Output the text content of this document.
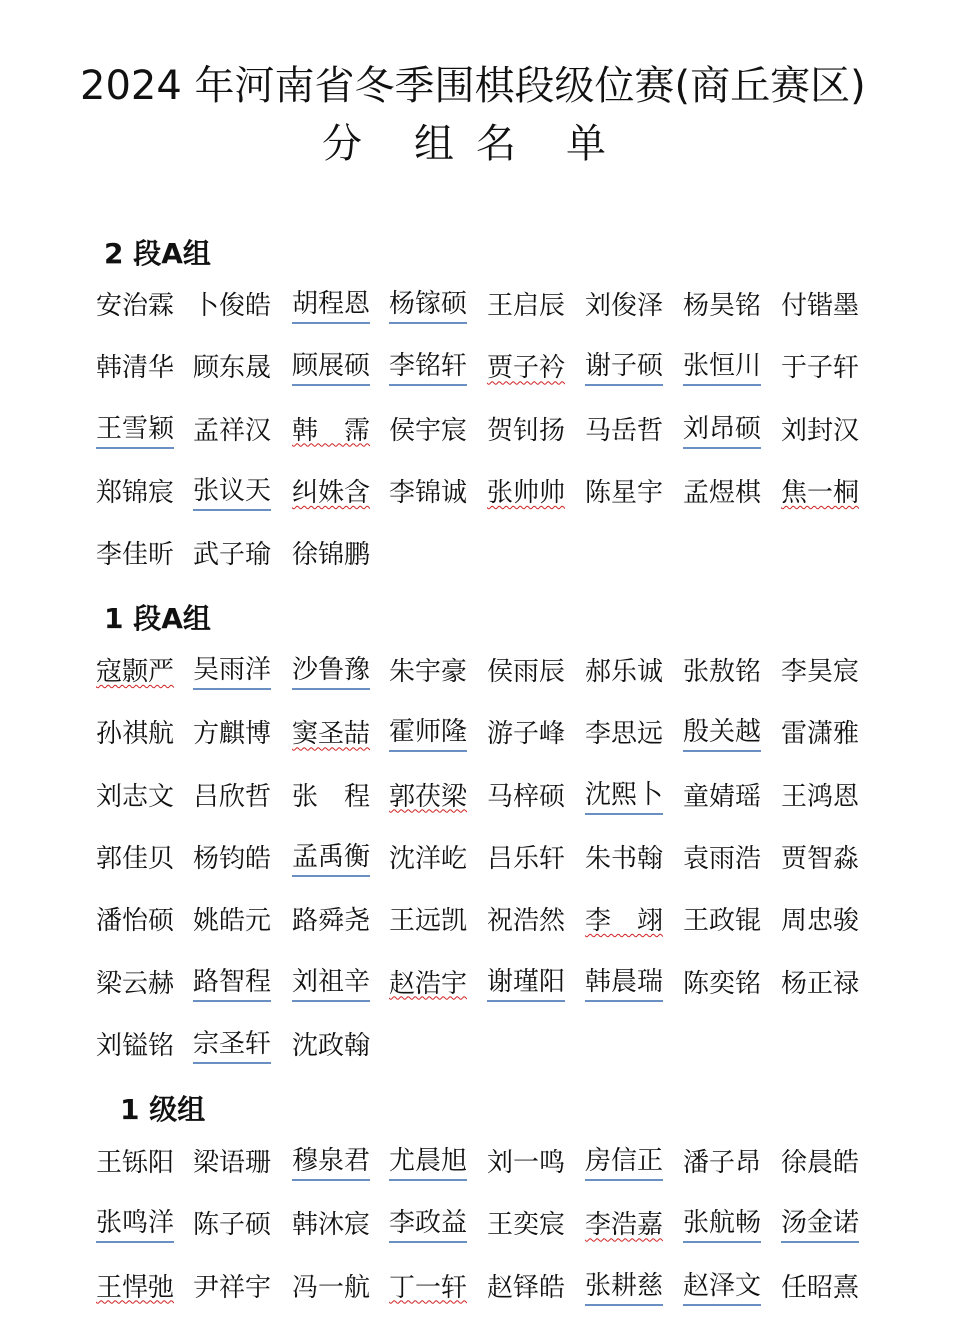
2024 年河南省冬季围棋段级位赛(商丘赛区)
分 组 名 单
2 段A组
安治霖 卜俊皓 胡程恩 杨镓硕 王启辰 刘俊泽 杨昊铭 付锴墨
韩清华 顾东晟 顾展硕 李铭轩 贾子衿 谢子硕 张恒川 于子轩
王雪颖 孟祥汉 韩　霈 侯宇宸 贺钊扬 马岳哲 刘昂硕 刘封汉
郑锦宸 张议天 纠姝含 李锦诚 张帅帅 陈星宇 孟煜棋 焦一桐
李佳昕 武子瑜 徐锦鹏
1 段A组
寇颢严 吴雨洋 沙鲁豫 朱宇豪 侯雨辰 郝乐诚 张敖铭 李昊宸
孙祺航 方麒博 窦圣喆 霍师隆 游子峰 李思远 殷关越 雷潇雅
刘志文 吕欣哲 张　程 郭茯梁 马梓硕 沈熙卜 童婧瑶 王鸿恩
郭佳贝 杨钧皓 孟禹衡 沈洋屹 吕乐轩 朱书翰 袁雨浩 贾智淼
潘怡硕 姚皓元 路舜尧 王远凯 祝浩然 李　翊 王政锟 周忠骏
梁云赫 路智程 刘祖辛 赵浩宇 谢瑾阳 韩晨瑞 陈奕铭 杨正禄
刘镒铭 宗圣轩 沈政翰
1 级组
王铄阳 梁语珊 穆泉君 尤晨旭 刘一鸣 房信正 潘子昂 徐晨皓
张鸣洋 陈子硕 韩沐宸 李政益 王奕宸 李浩嘉 张航畅 汤金诺
王悍弛 尹祥宇 冯一航 丁一轩 赵铎皓 张耕慈 赵泽文 任昭熹
